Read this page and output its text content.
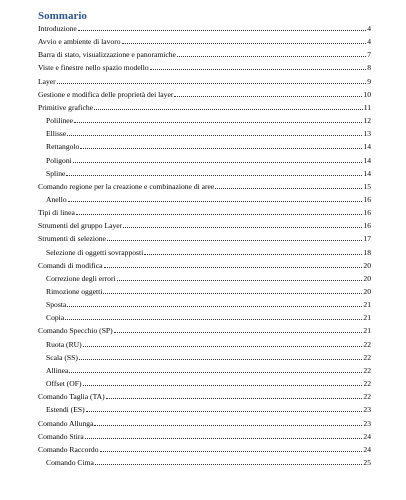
Sommario
Introduzione	4
Avvio e ambiente di lavoro	4
Barra di stato, visualizzazione e panoramiche	7
Viste e finestre nello spazio modello	8
Layer	9
Gestione e modifica delle proprietà dei layer	10
Primitive grafiche	11
Polilinee	12
Ellisse	13
Rettangolo	14
Poligoni	14
Spline	14
Comando regione per la creazione e combinazione di aree	15
Anello	16
Tipi di linea	16
Strumenti del gruppo Layer	16
Strumenti di selezione	17
Selezione di oggetti sovrapposti	18
Comandi di modifica	20
Correzione degli errori	20
Rimozione oggetti	20
Sposta	21
Copia	21
Comando Specchio (SP)	21
Ruota (RU)	22
Scala (SS)	22
Allinea	22
Offset (OF)	22
Comando Taglia (TA)	22
Estendi (ES)	23
Comando Allunga	23
Comando Stira	24
Comando Raccordo	24
Comando Cima	25
